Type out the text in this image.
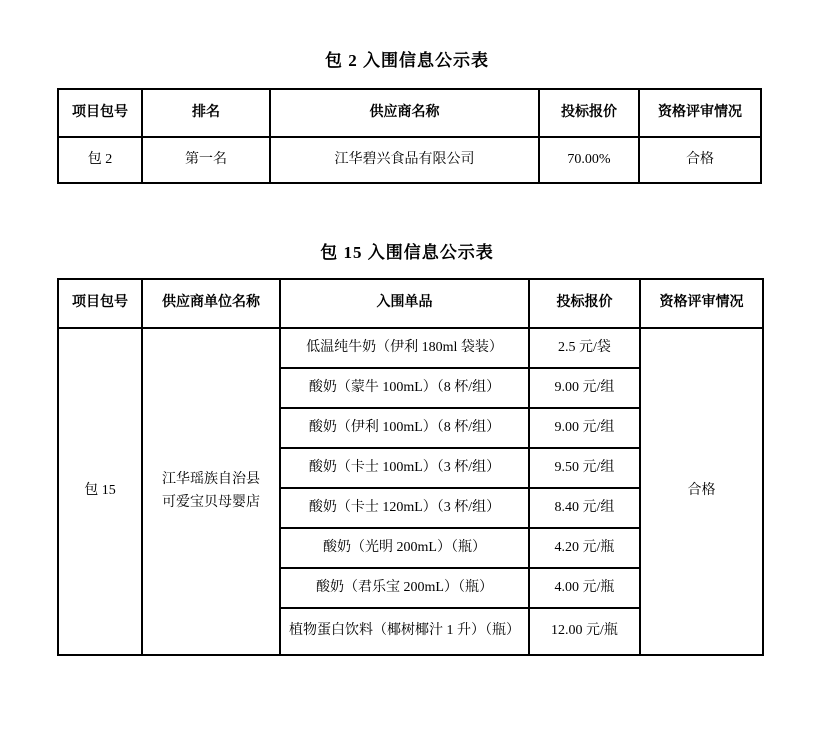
包 2 入围信息公示表
项目包号	排名	供应商名称	投标报价	资格评审情况
包 2	第一名	江华碧兴食品有限公司	70.00%	合格
包 15 入围信息公示表
项目包号	供应商单位名称	入围单品	投标报价	资格评审情况
包 15	江华瑶族自治县可爱宝贝母婴店	低温纯牛奶（伊利 180ml 袋装）	2.5 元/袋	合格
		酸奶（蒙牛 100mL）（8 杯/组）	9.00 元/组	
		酸奶（伊利 100mL）（8 杯/组）	9.00 元/组	
		酸奶（卡士 100mL）（3 杯/组）	9.50 元/组	
		酸奶（卡士 120mL）（3 杯/组）	8.40 元/组	
		酸奶（光明 200mL）（瓶）	4.20 元/瓶	
		酸奶（君乐宝 200mL）（瓶）	4.00 元/瓶	
		植物蛋白饮料（椰树椰汁 1 升）（瓶）	12.00 元/瓶	
